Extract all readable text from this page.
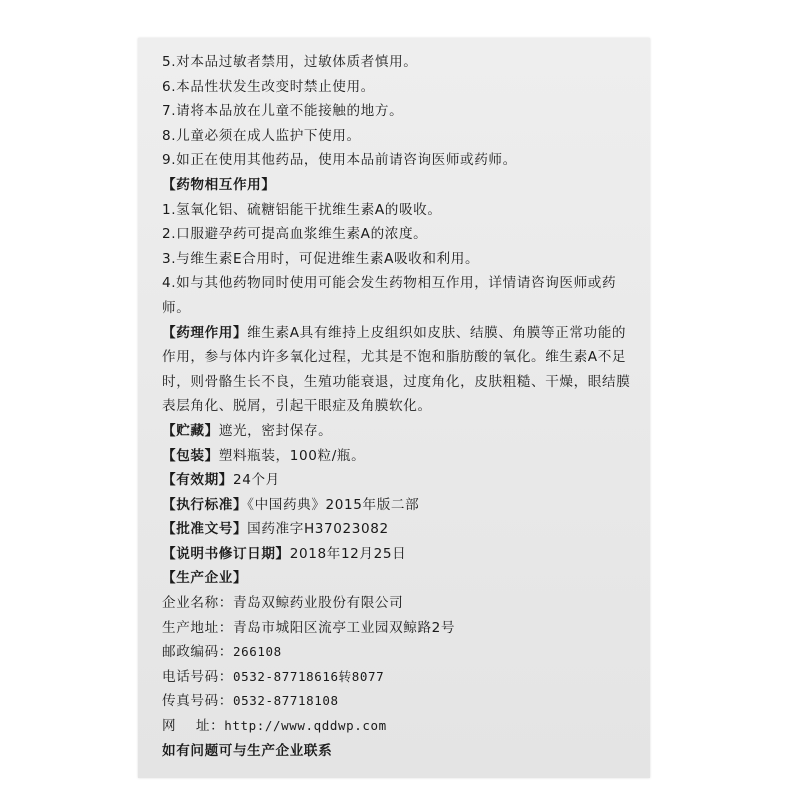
5.对本品过敏者禁用，过敏体质者慎用。
6.本品性状发生改变时禁止使用。
7.请将本品放在儿童不能接触的地方。
8.儿童必须在成人监护下使用。
9.如正在使用其他药品，使用本品前请咨询医师或药师。
【药物相互作用】
1.氢氧化铝、硫糖铝能干扰维生素A的吸收。
2.口服避孕药可提高血浆维生素A的浓度。
3.与维生素E合用时，可促进维生素A吸收和利用。
4.如与其他药物同时使用可能会发生药物相互作用，详情请咨询医师或药师。
【药理作用】维生素A具有维持上皮组织如皮肤、结膜、角膜等正常功能的作用，参与体内许多氧化过程，尤其是不饱和脂肪酸的氧化。维生素A不足时，则骨骼生长不良，生殖功能衰退，过度角化，皮肤粗糙、干燥，眼结膜表层角化、脱屑，引起干眼症及角膜软化。
【贮藏】遮光，密封保存。
【包装】塑料瓶装，100粒/瓶。
【有效期】24个月
【执行标准】《中国药典》2015年版二部
【批准文号】国药准字H37023082
【说明书修订日期】2018年12月25日
【生产企业】
企业名称：青岛双鲸药业股份有限公司
生产地址：青岛市城阳区流亭工业园双鲸路2号
邮政编码：266108
电话号码：0532-87718616转8077
传真号码：0532-87718108
网    址：http://www.qddwp.com
如有问题可与生产企业联系
